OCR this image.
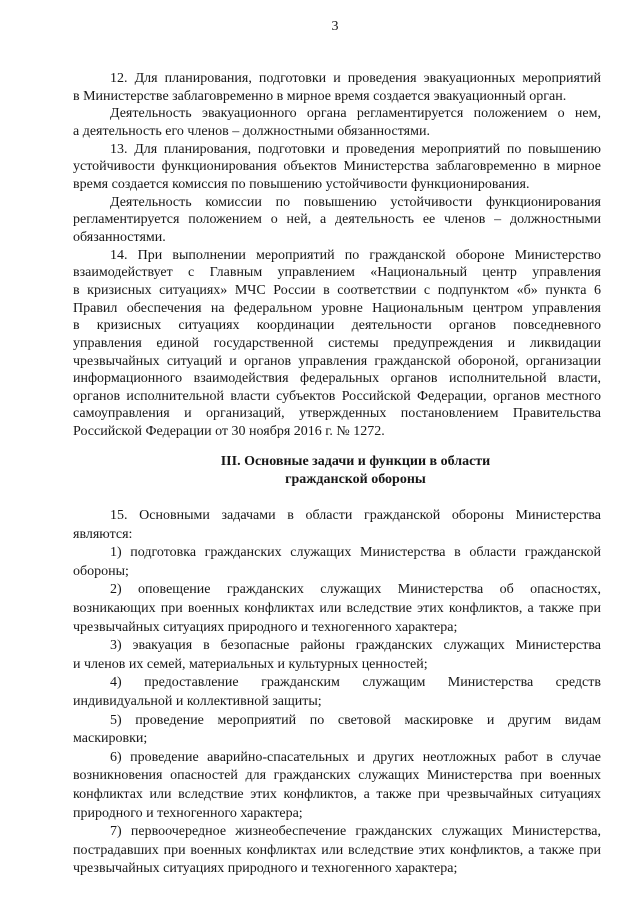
3
12. Для планирования, подготовки и проведения эвакуационных мероприятий
в Министерстве заблаговременно в мирное время создается эвакуационный орган.
Деятельность эвакуационного органа регламентируется положением о нем,
а деятельность его членов – должностными обязанностями.
13. Для планирования, подготовки и проведения мероприятий по повышению
устойчивости функционирования объектов Министерства заблаговременно в мирное
время создается комиссия по повышению устойчивости функционирования.
Деятельность комиссии по повышению устойчивости функционирования
регламентируется положением о ней, а деятельность ее членов – должностными
обязанностями.
14. При выполнении мероприятий по гражданской обороне Министерство
взаимодействует с Главным управлением «Национальный центр управления
в кризисных ситуациях» МЧС России в соответствии с подпунктом «б» пункта 6
Правил обеспечения на федеральном уровне Национальным центром управления
в кризисных ситуациях координации деятельности органов повседневного
управления единой государственной системы предупреждения и ликвидации
чрезвычайных ситуаций и органов управления гражданской обороной, организации
информационного взаимодействия федеральных органов исполнительной власти,
органов исполнительной власти субъектов Российской Федерации, органов местного
самоуправления и организаций, утвержденных постановлением Правительства
Российской Федерации от 30 ноября 2016 г. № 1272.
III. Основные задачи и функции в области
гражданской обороны
15. Основными задачами в области гражданской обороны Министерства
являются:
1) подготовка гражданских служащих Министерства в области гражданской
обороны;
2) оповещение гражданских служащих Министерства об опасностях,
возникающих при военных конфликтах или вследствие этих конфликтов, а также при
чрезвычайных ситуациях природного и техногенного характера;
3) эвакуация в безопасные районы гражданских служащих Министерства
и членов их семей, материальных и культурных ценностей;
4) предоставление гражданским служащим Министерства средств
индивидуальной и коллективной защиты;
5) проведение мероприятий по световой маскировке и другим видам
маскировки;
6) проведение аварийно-спасательных и других неотложных работ в случае
возникновения опасностей для гражданских служащих Министерства при военных
конфликтах или вследствие этих конфликтов, а также при чрезвычайных ситуациях
природного и техногенного характера;
7) первоочередное жизнеобеспечение гражданских служащих Министерства,
пострадавших при военных конфликтах или вследствие этих конфликтов, а также при
чрезвычайных ситуациях природного и техногенного характера;
